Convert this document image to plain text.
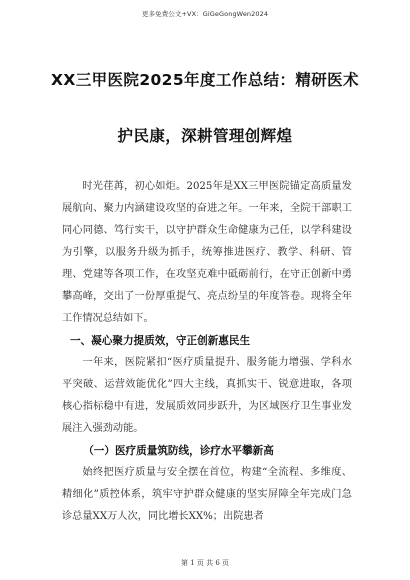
更多免费公文+VX：GiGeGongWen2024
XX三甲医院2025年度工作总结：精研医术
护民康，深耕管理创辉煌

时光荏苒，初心如炬。2025年是XX三甲医院锚定高质量发展航向、聚力内涵建设攻坚的奋进之年。一年来，全院干部职工同心同德、笃行实干，以守护群众生命健康为己任，以学科建设为引擎，以服务升级为抓手，统筹推进医疗、教学、科研、管理、党建等各项工作，在攻坚克难中砥砺前行，在守正创新中勇攀高峰，交出了一份厚重提气、亮点纷呈的年度答卷。现将全年工作情况总结如下。

一、凝心聚力提质效，守正创新惠民生

一年来，医院紧扣“医疗质量提升、服务能力增强、学科水平突破、运营效能优化”四大主线，真抓实干、锐意进取，各项核心指标稳中有进，发展质效同步跃升，为区域医疗卫生事业发展注入强劲动能。

（一）医疗质量筑防线，诊疗水平攀新高

始终把医疗质量与安全摆在首位，构建“全流程、多维度、精细化”质控体系，筑牢守护群众健康的坚实屏障全年完成门急诊总量XX万人次，同比增长XX%；出院患者

第 1 页 共 6 页
